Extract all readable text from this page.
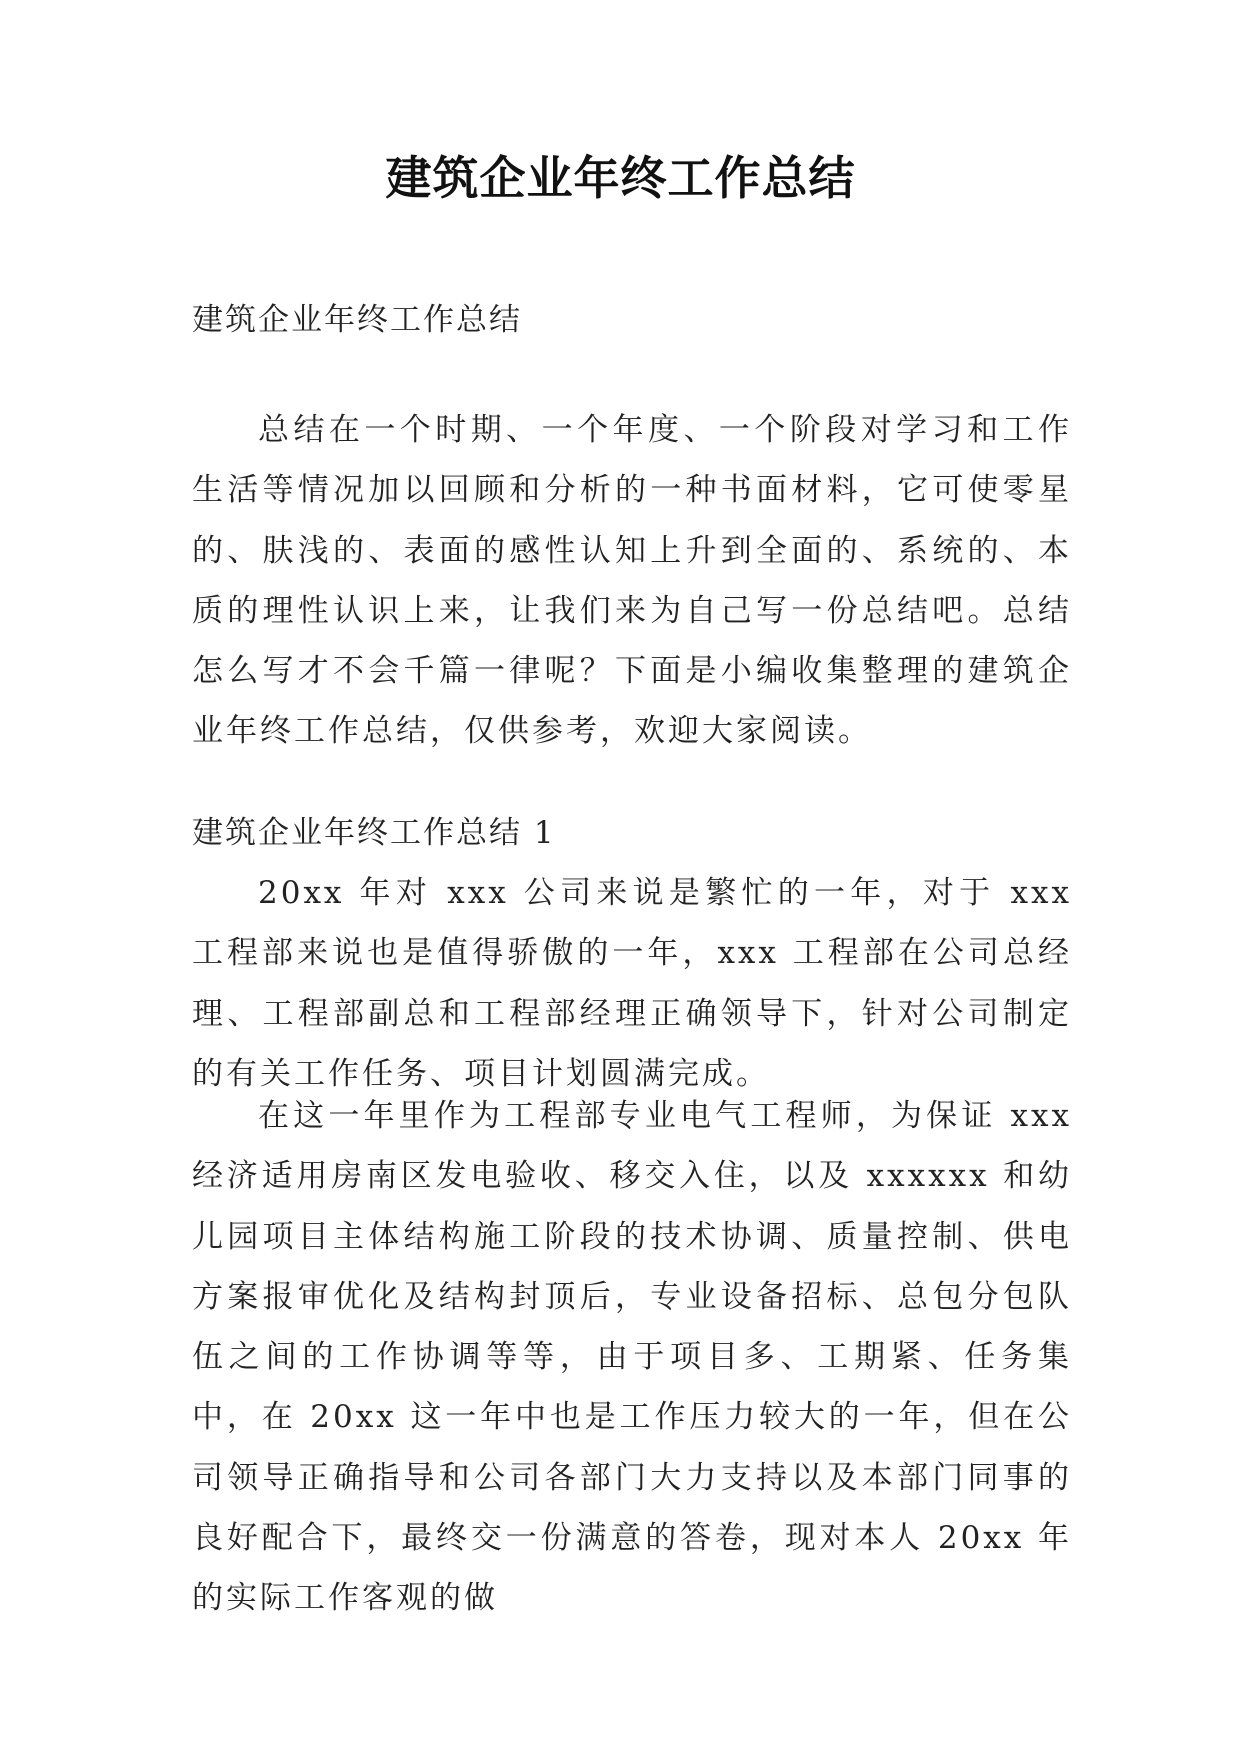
建筑企业年终工作总结

建筑企业年终工作总结

总结在一个时期、一个年度、一个阶段对学习和工作生活等情况加以回顾和分析的一种书面材料，它可使零星的、肤浅的、表面的感性认知上升到全面的、系统的、本质的理性认识上来，让我们来为自己写一份总结吧。总结怎么写才不会千篇一律呢？下面是小编收集整理的建筑企业年终工作总结，仅供参考，欢迎大家阅读。

建筑企业年终工作总结 1

20xx 年对 xxx 公司来说是繁忙的一年，对于 xxx 工程部来说也是值得骄傲的一年，xxx 工程部在公司总经理、工程部副总和工程部经理正确领导下，针对公司制定的有关工作任务、项目计划圆满完成。

在这一年里作为工程部专业电气工程师，为保证 xxx 经济适用房南区发电验收、移交入住，以及 xxxxxx 和幼儿园项目主体结构施工阶段的技术协调、质量控制、供电方案报审优化及结构封顶后，专业设备招标、总包分包队伍之间的工作协调等等，由于项目多、工期紧、任务集中，在 20xx 这一年中也是工作压力较大的一年，但在公司领导正确指导和公司各部门大力支持以及本部门同事的良好配合下，最终交一份满意的答卷，现对本人 20xx 年的实际工作客观的做
